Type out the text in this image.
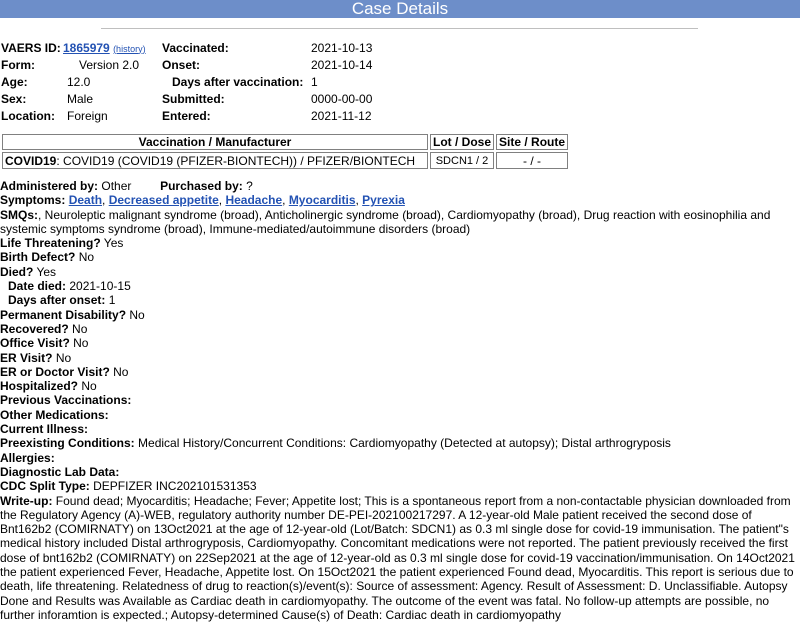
Case Details
VAERS ID:	1865979 (history)	Vaccinated:	2021-10-13
Form:	Version 2.0	Onset:	2021-10-14
Age:	12.0	Days after vaccination:	1
Sex:	Male	Submitted:	0000-00-00
Location:	Foreign	Entered:	2021-11-12
Vaccination / Manufacturer	Lot / Dose	Site / Route
COVID19: COVID19 (COVID19 (PFIZER-BIONTECH)) / PFIZER/BIONTECH	SDCN1 / 2	- / -
Administered by: Other Purchased by: ?
Symptoms: Death, Decreased appetite, Headache, Myocarditis, Pyrexia
SMQs:, Neuroleptic malignant syndrome (broad), Anticholinergic syndrome (broad), Cardiomyopathy (broad), Drug reaction with eosinophilia and systemic symptoms syndrome (broad), Immune-mediated/autoimmune disorders (broad)
Life Threatening? Yes
Birth Defect? No
Died? Yes
Date died: 2021-10-15
Days after onset: 1
Permanent Disability? No
Recovered? No
Office Visit? No
ER Visit? No
ER or Doctor Visit? No
Hospitalized? No
Previous Vaccinations:
Other Medications:
Current Illness:
Preexisting Conditions: Medical History/Concurrent Conditions: Cardiomyopathy (Detected at autopsy); Distal arthrogryposis
Allergies:
Diagnostic Lab Data:
CDC Split Type: DEPFIZER INC202101531353
Write-up: Found dead; Myocarditis; Headache; Fever; Appetite lost; This is a spontaneous report from a non-contactable physician downloaded from the Regulatory Agency (A)-WEB, regulatory authority number DE-PEI-202100217297. A 12-year-old Male patient received the second dose of Bnt162b2 (COMIRNATY) on 13Oct2021 at the age of 12-year-old (Lot/Batch: SDCN1) as 0.3 ml single dose for covid-19 immunisation. The patient"s medical history included Distal arthrogryposis, Cardiomyopathy. Concomitant medications were not reported. The patient previously received the first dose of bnt162b2 (COMIRNATY) on 22Sep2021 at the age of 12-year-old as 0.3 ml single dose for covid-19 vaccination/immunisation. On 14Oct2021 the patient experienced Fever, Headache, Appetite lost. On 15Oct2021 the patient experienced Found dead, Myocarditis. This report is serious due to death, life threatening. Relatedness of drug to reaction(s)/event(s): Source of assessment: Agency. Result of Assessment: D. Unclassifiable. Autopsy Done and Results was Available as Cardiac death in cardiomyopathy. The outcome of the event was fatal. No follow-up attempts are possible, no further inforamtion is expected.; Autopsy-determined Cause(s) of Death: Cardiac death in cardiomyopathy
